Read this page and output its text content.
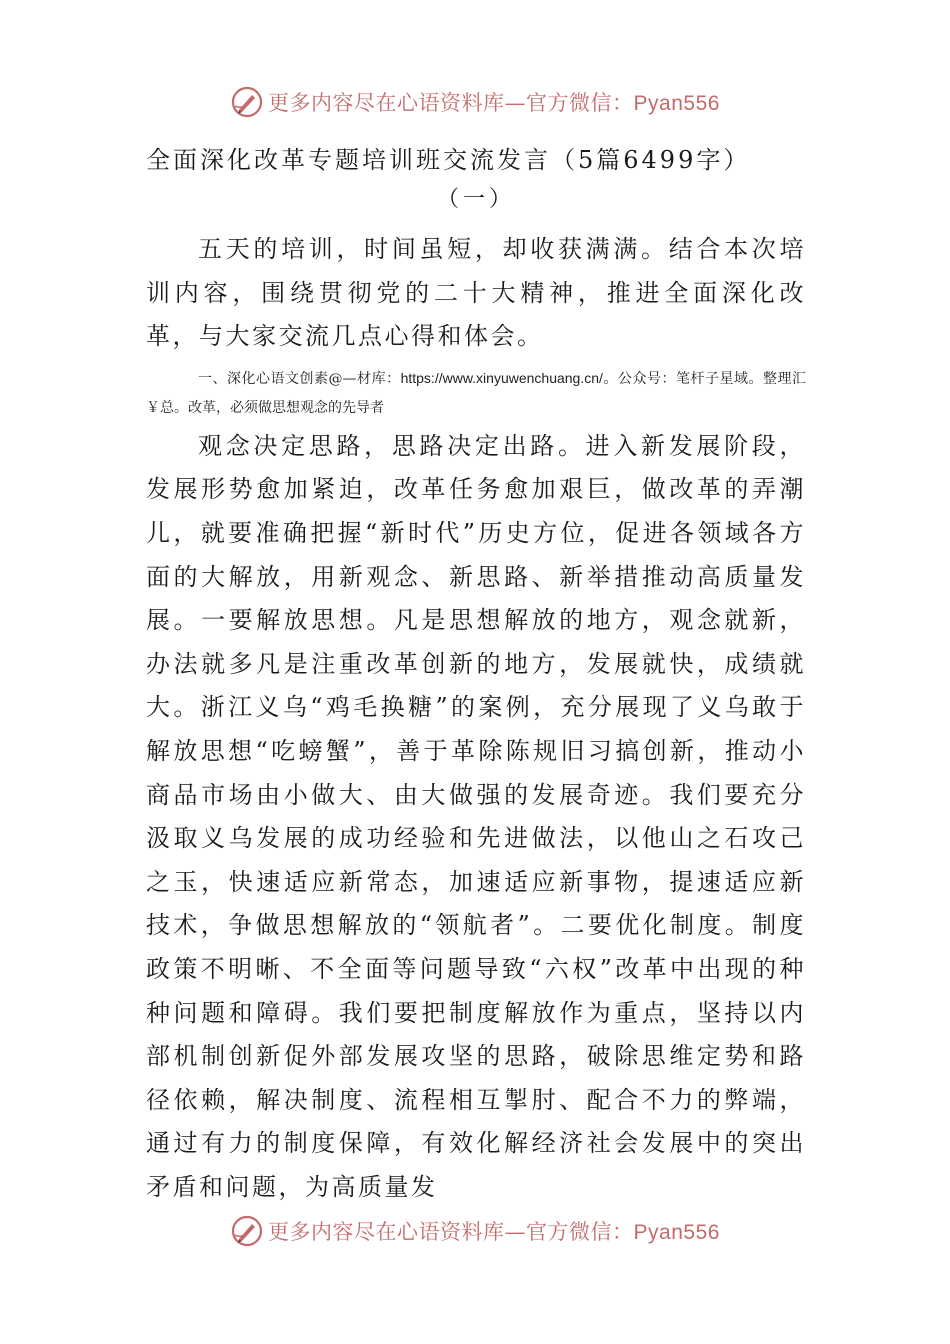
更多内容尽在心语资料库—官方微信：Pyan556
全面深化改革专题培训班交流发言（5篇6499字）

（一）

五天的培训，时间虽短，却收获满满。结合本次培训内容，围绕贯彻党的二十大精神，推进全面深化改革，与大家交流几点心得和体会。

一、深化心语文创素@—材库：https://www.xinyuwenchuang.cn/。公众号：笔杆子星域。整理汇￥总。改革，必须做思想观念的先导者

观念决定思路，思路决定出路。进入新发展阶段，发展形势愈加紧迫，改革任务愈加艰巨，做改革的弄潮儿，就要准确把握“新时代”历史方位，促进各领域各方面的大解放，用新观念、新思路、新举措推动高质量发展。一要解放思想。凡是思想解放的地方，观念就新，办法就多凡是注重改革创新的地方，发展就快，成绩就大。浙江义乌“鸡毛换糖”的案例，充分展现了义乌敢于解放思想“吃螃蟹”，善于革除陈规旧习搞创新，推动小商品市场由小做大、由大做强的发展奇迹。我们要充分汲取义乌发展的成功经验和先进做法，以他山之石攻己之玉，快速适应新常态，加速适应新事物，提速适应新技术，争做思想解放的“领航者”。二要优化制度。制度政策不明晰、不全面等问题导致“六权”改革中出现的种种问题和障碍。我们要把制度解放作为重点，坚持以内部机制创新促外部发展攻坚的思路，破除思维定势和路径依赖，解决制度、流程相互掣肘、配合不力的弊端，通过有力的制度保障，有效化解经济社会发展中的突出矛盾和问题，为高质量发

更多内容尽在心语资料库—官方微信：Pyan556
